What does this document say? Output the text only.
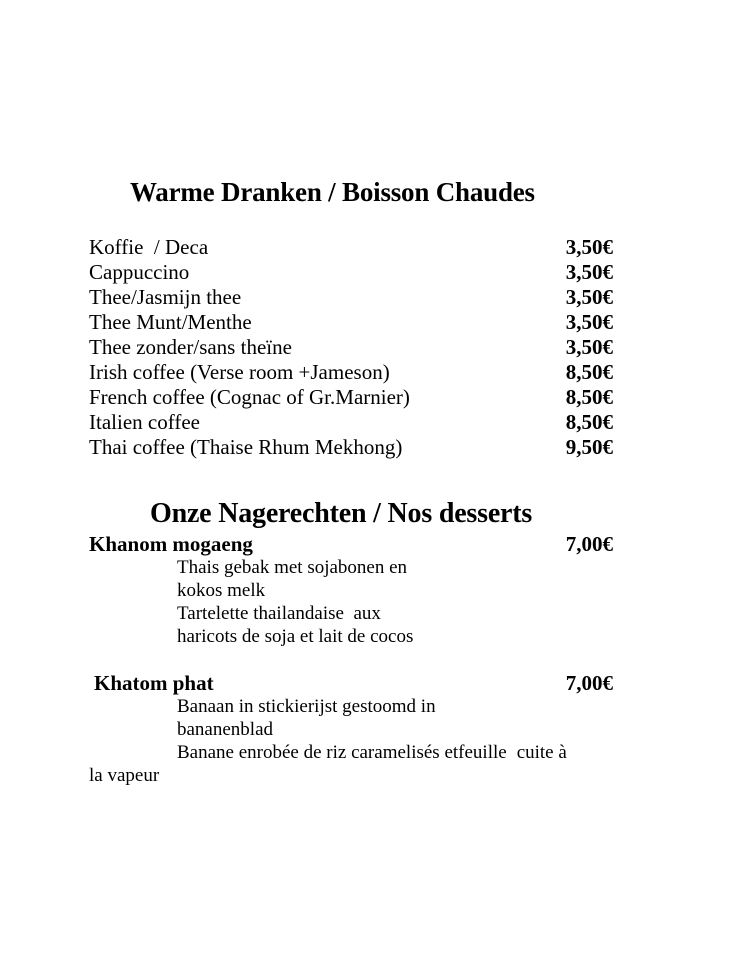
Warme Dranken / Boisson Chaudes
Koffie  / Deca	3,50€
Cappuccino	3,50€
Thee/Jasmijn thee	3,50€
Thee Munt/Menthe	3,50€
Thee zonder/sans theïne	3,50€
Irish coffee (Verse room +Jameson)	8,50€
French coffee (Cognac of Gr.Marnier)	8,50€
Italien coffee	8,50€
Thai coffee (Thaise Rhum Mekhong)	9,50€
Onze Nagerechten / Nos desserts
Khanom mogaeng	7,00€
Thais gebak met sojabonen en
kokos melk
Tartelette thailandaise  aux
haricots de soja et lait de cocos
Khatom phat	7,00€
Banaan in stickierijst gestoomd in
bananenblad
Banane enrobée de riz caramelisés etfeuille cuite à
la vapeur
